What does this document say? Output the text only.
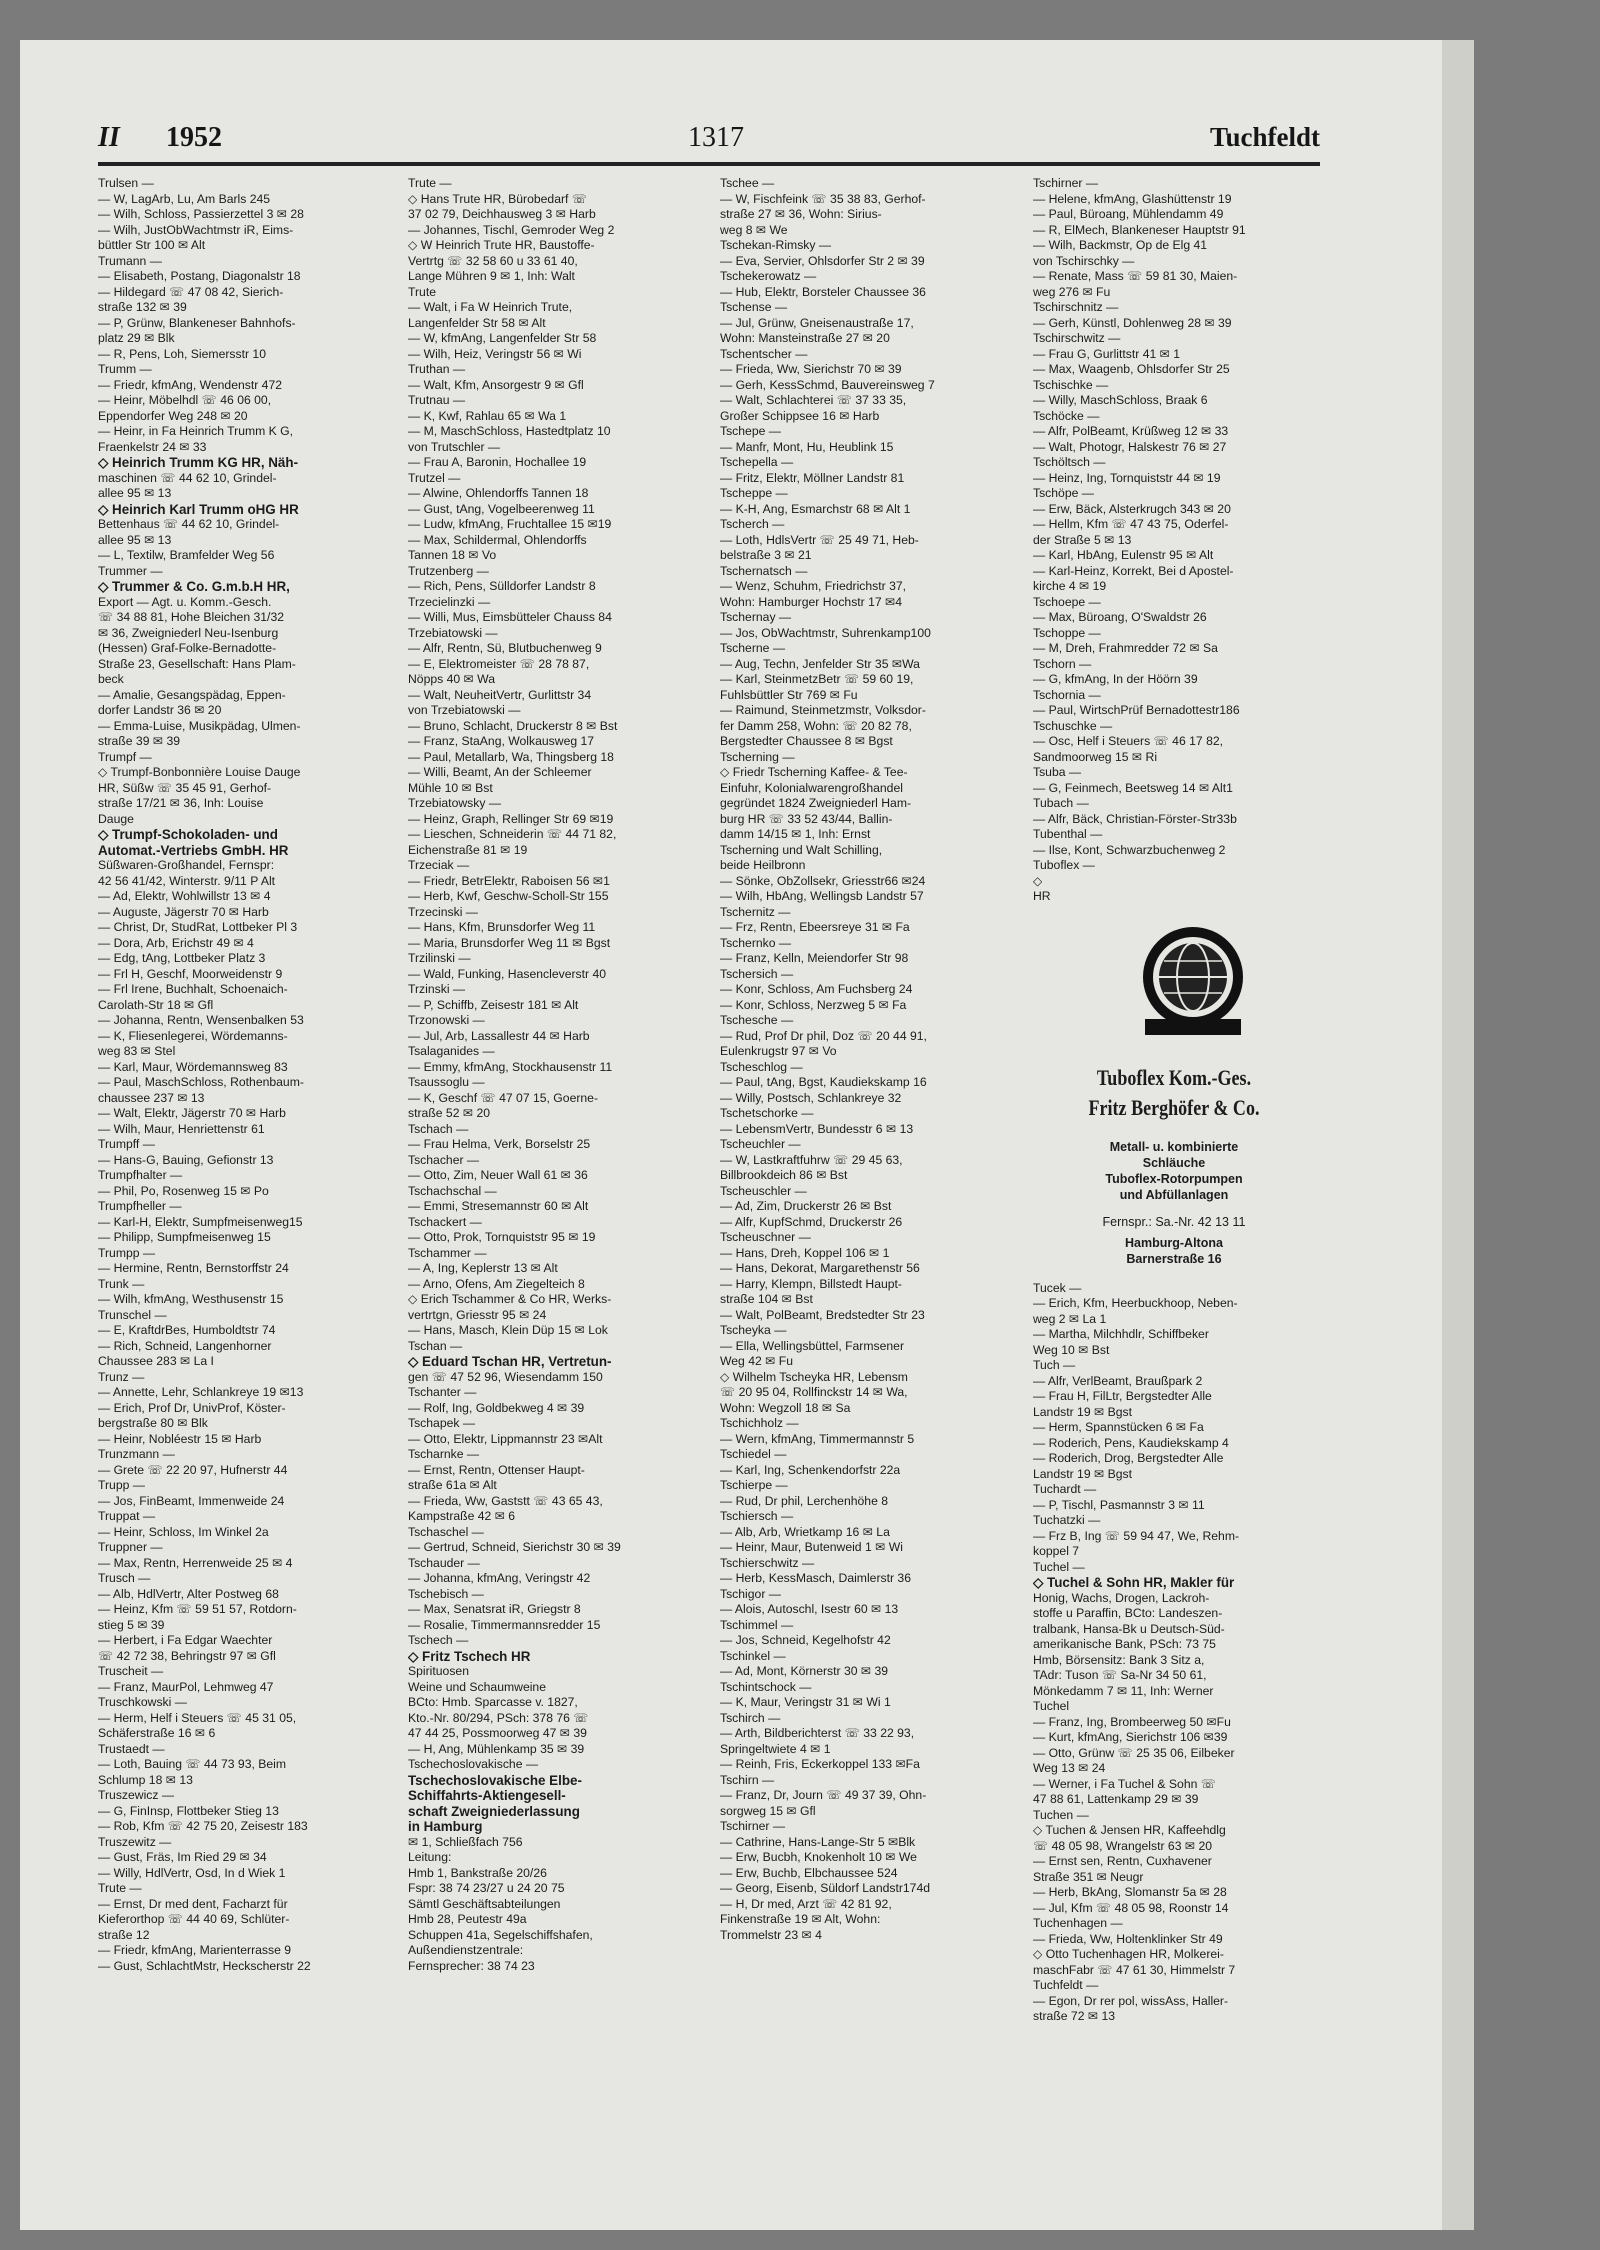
II 1952	1317	Tuchfeldt
Trulsen —
— W, LagArb, Lu, Am Barls 245
— Wilh, Schloss, Passierzettel 3 ✉ 28
— Wilh, JustObWachtmstr iR, Eims-
büttler Str 100 ✉ Alt
Trumann —
— Elisabeth, Postang, Diagonalstr 18
— Hildegard ☏ 47 08 42, Sierich-
straße 132 ✉ 39
— P, Grünw, Blankeneser Bahnhofs-
platz 29 ✉ Blk
— R, Pens, Loh, Siemersstr 10
Trumm —
— Friedr, kfmAng, Wendenstr 472
— Heinr, Möbelhdl ☏ 46 06 00,
Eppendorfer Weg 248 ✉ 20
— Heinr, in Fa Heinrich Trumm K G,
Fraenkelstr 24 ✉ 33
◇ Heinrich Trumm KG HR, Näh-
maschinen ☏ 44 62 10, Grindel-
allee 95 ✉ 13
◇ Heinrich Karl Trumm oHG HR
Bettenhaus ☏ 44 62 10, Grindel-
allee 95 ✉ 13
— L, Textilw, Bramfelder Weg 56
Trummer —
◇ Trummer & Co. G.m.b.H HR,
Export — Agt. u. Komm.-Gesch.
☏ 34 88 81, Hohe Bleichen 31/32
✉ 36, Zweigniederl Neu-Isenburg
(Hessen) Graf-Folke-Bernadotte-
Straße 23, Gesellschaft: Hans Plam-
beck
— Amalie, Gesangspädag, Eppen-
dorfer Landstr 36 ✉ 20
— Emma-Luise, Musikpädag, Ulmen-
straße 39 ✉ 39
Trumpf —
◇ Trumpf-Bonbonnière Louise Dauge
HR, Süßw ☏ 35 45 91, Gerhof-
straße 17/21 ✉ 36, Inh: Louise
Dauge
◇ Trumpf-Schokoladen- und
Automat.-Vertriebs GmbH. HR
Süßwaren-Großhandel, Fernspr:
42 56 41/42, Winterstr. 9/11 P Alt
— Ad, Elektr, Wohlwillstr 13 ✉ 4
— Auguste, Jägerstr 70 ✉ Harb
— Christ, Dr, StudRat, Lottbeker Pl 3
— Dora, Arb, Erichstr 49 ✉ 4
— Edg, tAng, Lottbeker Platz 3
— Frl H, Geschf, Moorweidenstr 9
— Frl Irene, Buchhalt, Schoenaich-
Carolath-Str 18 ✉ Gfl
— Johanna, Rentn, Wensenbalken 53
— K, Fliesenlegerei, Wördemanns-
weg 83 ✉ Stel
— Karl, Maur, Wördemannsweg 83
— Paul, MaschSchloss, Rothenbaum-
chaussee 237 ✉ 13
— Walt, Elektr, Jägerstr 70 ✉ Harb
— Wilh, Maur, Henriettenstr 61
Trumpff —
— Hans-G, Bauing, Gefionstr 13
Trumpfhalter —
— Phil, Po, Rosenweg 15 ✉ Po
Trumpfheller —
— Karl-H, Elektr, Sumpfmeisenweg15
— Philipp, Sumpfmeisenweg 15
Trumpp —
— Hermine, Rentn, Bernstorffstr 24
Trunk —
— Wilh, kfmAng, Westhusenstr 15
Trunschel —
— E, KraftdrBes, Humboldtstr 74
— Rich, Schneid, Langenhorner
Chaussee 283 ✉ La I
Trunz —
— Annette, Lehr, Schlankreye 19 ✉13
— Erich, Prof Dr, UnivProf, Köster-
bergstraße 80 ✉ Blk
— Heinr, Nobléestr 15 ✉ Harb
Trunzmann —
— Grete ☏ 22 20 97, Hufnerstr 44
Trupp —
— Jos, FinBeamt, Immenweide 24
Truppat —
— Heinr, Schloss, Im Winkel 2a
Truppner —
— Max, Rentn, Herrenweide 25 ✉ 4
Trusch —
— Alb, HdlVertr, Alter Postweg 68
— Heinz, Kfm ☏ 59 51 57, Rotdorn-
stieg 5 ✉ 39
— Herbert, i Fa Edgar Waechter
☏ 42 72 38, Behringstr 97 ✉ Gfl
Truscheit —
— Franz, MaurPol, Lehmweg 47
Truschkowski —
— Herm, Helf i Steuers ☏ 45 31 05,
Schäferstraße 16 ✉ 6
Trustaedt —
— Loth, Bauing ☏ 44 73 93, Beim
Schlump 18 ✉ 13
Truszewicz —
— G, FinInsp, Flottbeker Stieg 13
— Rob, Kfm ☏ 42 75 20, Zeisestr 183
Truszewitz —
— Gust, Fräs, Im Ried 29 ✉ 34
— Willy, HdlVertr, Osd, In d Wiek 1
Trute —
— Ernst, Dr med dent, Facharzt für
Kieferorthop ☏ 44 40 69, Schlüter-
straße 12
— Friedr, kfmAng, Marienterrasse 9
— Gust, SchlachtMstr, Heckscherstr 22
Trute —
◇ Hans Trute HR, Bürobedarf ☏
37 02 79, Deichhausweg 3 ✉ Harb
— Johannes, Tischl, Gemroder Weg 2
◇ W Heinrich Trute HR, Baustoffe-
Vertrtg ☏ 32 58 60 u 33 61 40,
Lange Mühren 9 ✉ 1, Inh: Walt
Trute
— Walt, i Fa W Heinrich Trute,
Langenfelder Str 58 ✉ Alt
— W, kfmAng, Langenfelder Str 58
— Wilh, Heiz, Veringstr 56 ✉ Wi
Truthan —
— Walt, Kfm, Ansorgestr 9 ✉ Gfl
Trutnau —
— K, Kwf, Rahlau 65 ✉ Wa 1
— M, MaschSchloss, Hastedtplatz 10
von Trutschler —
— Frau A, Baronin, Hochallee 19
Trutzel —
— Alwine, Ohlendorffs Tannen 18
— Gust, tAng, Vogelbeerenweg 11
— Ludw, kfmAng, Fruchtallee 15 ✉19
— Max, Schildermal, Ohlendorffs
Tannen 18 ✉ Vo
Trutzenberg —
— Rich, Pens, Sülldorfer Landstr 8
Trzecielinzki —
— Willi, Mus, Eimsbütteler Chauss 84
Trzebiatowski —
— Alfr, Rentn, Sü, Blutbuchenweg 9
— E, Elektromeister ☏ 28 78 87,
Nöpps 40 ✉ Wa
— Walt, NeuheitVertr, Gurlittstr 34
von Trzebiatowski —
— Bruno, Schlacht, Druckerstr 8 ✉ Bst
— Franz, StaAng, Wolkausweg 17
— Paul, Metallarb, Wa, Thingsberg 18
— Willi, Beamt, An der Schleemer
Mühle 10 ✉ Bst
Trzebiatowsky —
— Heinz, Graph, Rellinger Str 69 ✉19
— Lieschen, Schneiderin ☏ 44 71 82,
Eichenstraße 81 ✉ 19
Trzeciak —
— Friedr, BetrElektr, Raboisen 56 ✉1
— Herb, Kwf, Geschw-Scholl-Str 155
Trzecinski —
— Hans, Kfm, Brunsdorfer Weg 11
— Maria, Brunsdorfer Weg 11 ✉ Bgst
Trzilinski —
— Wald, Funking, Hasencleverstr 40
Trzinski —
— P, Schiffb, Zeisestr 181 ✉ Alt
Trzonowski —
— Jul, Arb, Lassallestr 44 ✉ Harb
Tsalaganides —
— Emmy, kfmAng, Stockhausenstr 11
Tsaussoglu —
— K, Geschf ☏ 47 07 15, Goerne-
straße 52 ✉ 20
Tschach —
— Frau Helma, Verk, Borselstr 25
Tschacher —
— Otto, Zim, Neuer Wall 61 ✉ 36
Tschachschal —
— Emmi, Stresemannstr 60 ✉ Alt
Tschackert —
— Otto, Prok, Tornquiststr 95 ✉ 19
Tschammer —
— A, Ing, Keplerstr 13 ✉ Alt
— Arno, Ofens, Am Ziegelteich 8
◇ Erich Tschammer & Co HR, Werks-
vertrtgn, Griesstr 95 ✉ 24
— Hans, Masch, Klein Düp 15 ✉ Lok
Tschan —
◇ Eduard Tschan HR, Vertretun-
gen ☏ 47 52 96, Wiesendamm 150
Tschanter —
— Rolf, Ing, Goldbekweg 4 ✉ 39
Tschapek —
— Otto, Elektr, Lippmannstr 23 ✉Alt
Tscharnke —
— Ernst, Rentn, Ottenser Haupt-
straße 61a ✉ Alt
— Frieda, Ww, Gaststt ☏ 43 65 43,
Kampstraße 42 ✉ 6
Tschaschel —
— Gertrud, Schneid, Sierichstr 30 ✉ 39
Tschauder —
— Johanna, kfmAng, Veringstr 42
Tschebisch —
— Max, Senatsrat iR, Griegstr 8
— Rosalie, Timmermannsredder 15
Tschech —
◇ Fritz Tschech HR
Spirituosen
Weine und Schaumweine
BCto: Hmb. Sparcasse v. 1827,
Kto.-Nr. 80/294, PSch: 378 76 ☏
47 44 25, Possmoorweg 47 ✉ 39
— H, Ang, Mühlenkamp 35 ✉ 39
Tschechoslovakische —
Tschechoslovakische Elbe-
Schiffahrts-Aktiengesell-
schaft Zweigniederlassung
in Hamburg
✉ 1, Schließfach 756
Leitung:
Hmb 1, Bankstraße 20/26
Fspr: 38 74 23/27 u 24 20 75
Sämtl Geschäftsabteilungen
Hmb 28, Peutestr 49a
Schuppen 41a, Segelschiffshafen,
Außendienstzentrale:
Fernsprecher: 38 74 23
Tschee —
— W, Fischfeink ☏ 35 38 83, Gerhof-
straße 27 ✉ 36, Wohn: Sirius-
weg 8 ✉ We
Tschekan-Rimsky —
— Eva, Servier, Ohlsdorfer Str 2 ✉ 39
Tschekerowatz —
— Hub, Elektr, Borsteler Chaussee 36
Tschense —
— Jul, Grünw, Gneisenaustraße 17,
Wohn: Mansteinstraße 27 ✉ 20
Tschentscher —
— Frieda, Ww, Sierichstr 70 ✉ 39
— Gerh, KessSchmd, Bauvereinsweg 7
— Walt, Schlachterei ☏ 37 33 35,
Großer Schippsee 16 ✉ Harb
Tschepe —
— Manfr, Mont, Hu, Heublink 15
Tschepella —
— Fritz, Elektr, Möllner Landstr 81
Tscheppe —
— K-H, Ang, Esmarchstr 68 ✉ Alt 1
Tscherch —
— Loth, HdlsVertr ☏ 25 49 71, Heb-
belstraße 3 ✉ 21
Tschernatsch —
— Wenz, Schuhm, Friedrichstr 37,
Wohn: Hamburger Hochstr 17 ✉4
Tschernay —
— Jos, ObWachtmstr, Suhrenkamp100
Tscherne —
— Aug, Techn, Jenfelder Str 35 ✉Wa
— Karl, SteinmetzBetr ☏ 59 60 19,
Fuhlsbüttler Str 769 ✉ Fu
— Raimund, Steinmetzmstr, Volksdor-
fer Damm 258, Wohn: ☏ 20 82 78,
Bergstedter Chaussee 8 ✉ Bgst
Tscherning —
◇ Friedr Tscherning Kaffee- & Tee-
Einfuhr, Kolonialwarengroßhandel
gegründet 1824 Zweigniederl Ham-
burg HR ☏ 33 52 43/44, Ballin-
damm 14/15 ✉ 1, Inh: Ernst
Tscherning und Walt Schilling,
beide Heilbronn
— Sönke, ObZollsekr, Griesstr66 ✉24
— Wilh, HbAng, Wellingsb Landstr 57
Tschernitz —
— Frz, Rentn, Ebeersreye 31 ✉ Fa
Tschernko —
— Franz, Kelln, Meiendorfer Str 98
Tschersich —
— Konr, Schloss, Am Fuchsberg 24
— Konr, Schloss, Nerzweg 5 ✉ Fa
Tschesche —
— Rud, Prof Dr phil, Doz ☏ 20 44 91,
Eulenkrugstr 97 ✉ Vo
Tscheschlog —
— Paul, tAng, Bgst, Kaudiekskamp 16
— Willy, Postsch, Schlankreye 32
Tschetschorke —
— LebensmVertr, Bundesstr 6 ✉ 13
Tscheuchler —
— W, Lastkraftfuhrw ☏ 29 45 63,
Billbrookdeich 86 ✉ Bst
Tscheuschler —
— Ad, Zim, Druckerstr 26 ✉ Bst
— Alfr, KupfSchmd, Druckerstr 26
Tscheuschner —
— Hans, Dreh, Koppel 106 ✉ 1
— Hans, Dekorat, Margarethenstr 56
— Harry, Klempn, Billstedt Haupt-
straße 104 ✉ Bst
— Walt, PolBeamt, Bredstedter Str 23
Tscheyka —
— Ella, Wellingsbüttel, Farmsener
Weg 42 ✉ Fu
◇ Wilhelm Tscheyka HR, Lebensm
☏ 20 95 04, Rollfinckstr 14 ✉ Wa,
Wohn: Wegzoll 18 ✉ Sa
Tschichholz —
— Wern, kfmAng, Timmermannstr 5
Tschiedel —
— Karl, Ing, Schenkendorfstr 22a
Tschierpe —
— Rud, Dr phil, Lerchenhöhe 8
Tschiersch —
— Alb, Arb, Wrietkamp 16 ✉ La
— Heinr, Maur, Butenweid 1 ✉ Wi
Tschierschwitz —
— Herb, KessMasch, Daimlerstr 36
Tschigor —
— Alois, Autoschl, Isestr 60 ✉ 13
Tschimmel —
— Jos, Schneid, Kegelhofstr 42
Tschinkel —
— Ad, Mont, Körnerstr 30 ✉ 39
Tschintschock —
— K, Maur, Veringstr 31 ✉ Wi 1
Tschirch —
— Arth, Bildberichterst ☏ 33 22 93,
Springeltwiete 4 ✉ 1
— Reinh, Fris, Eckerkoppel 133 ✉Fa
Tschirn —
— Franz, Dr, Journ ☏ 49 37 39, Ohn-
sorgweg 15 ✉ Gfl
Tschirner —
— Cathrine, Hans-Lange-Str 5 ✉Blk
— Erw, Bucbh, Knokenholt 10 ✉ We
— Erw, Buchb, Elbchaussee 524
— Georg, Eisenb, Süldorf Landstr174d
— H, Dr med, Arzt ☏ 42 81 92,
Finkenstraße 19 ✉ Alt, Wohn:
Trommelstr 23 ✉ 4
Tschirner —
— Helene, kfmAng, Glashüttenstr 19
— Paul, Büroang, Mühlendamm 49
— R, ElMech, Blankeneser Hauptstr 91
— Wilh, Backmstr, Op de Elg 41
von Tschirschky —
— Renate, Mass ☏ 59 81 30, Maien-
weg 276 ✉ Fu
Tschirschnitz —
— Gerh, Künstl, Dohlenweg 28 ✉ 39
Tschirschwitz —
— Frau G, Gurlittstr 41 ✉ 1
— Max, Waagenb, Ohlsdorfer Str 25
Tschischke —
— Willy, MaschSchloss, Braak 6
Tschöcke —
— Alfr, PolBeamt, Krüßweg 12 ✉ 33
— Walt, Photogr, Halskestr 76 ✉ 27
Tschöltsch —
— Heinz, Ing, Tornquiststr 44 ✉ 19
Tschöpe —
— Erw, Bäck, Alsterkrugch 343 ✉ 20
— Hellm, Kfm ☏ 47 43 75, Oderfel-
der Straße 5 ✉ 13
— Karl, HbAng, Eulenstr 95 ✉ Alt
— Karl-Heinz, Korrekt, Bei d Apostel-
kirche 4 ✉ 19
Tschoepe —
— Max, Büroang, O'Swaldstr 26
Tschoppe —
— M, Dreh, Frahmredder 72 ✉ Sa
Tschorn —
— G, kfmAng, In der Höörn 39
Tschornia —
— Paul, WirtschPrüf Bernadottestr186
Tschuschke —
— Osc, Helf i Steuers ☏ 46 17 82,
Sandmoorweg 15 ✉ Ri
Tsuba —
— G, Feinmech, Beetsweg 14 ✉ Alt1
Tubach —
— Alfr, Bäck, Christian-Förster-Str33b
Tubenthal —
— Ilse, Kont, Schwarzbuchenweg 2
Tuboflex —
◇
HR
Tuboflex Kom.-Ges.
Fritz Berghöfer & Co.
Metall- u. kombinierte
Schläuche
Tuboflex-Rotorpumpen
und Abfüllanlagen
Fernspr.: Sa.-Nr. 42 13 11
Hamburg-Altona
Barnerstraße 16
Tucek —
— Erich, Kfm, Heerbuckhoop, Neben-
weg 2 ✉ La 1
— Martha, Milchhdlr, Schiffbeker
Weg 10 ✉ Bst
Tuch —
— Alfr, VerlBeamt, Braußpark 2
— Frau H, FilLtr, Bergstedter Alle
Landstr 19 ✉ Bgst
— Herm, Spannstücken 6 ✉ Fa
— Roderich, Pens, Kaudiekskamp 4
— Roderich, Drog, Bergstedter Alle
Landstr 19 ✉ Bgst
Tuchardt —
— P, Tischl, Pasmannstr 3 ✉ 11
Tuchatzki —
— Frz B, Ing ☏ 59 94 47, We, Rehm-
koppel 7
Tuchel —
◇ Tuchel & Sohn HR, Makler für
Honig, Wachs, Drogen, Lackroh-
stoffe u Paraffin, BCto: Landeszen-
tralbank, Hansa-Bk u Deutsch-Süd-
amerikanische Bank, PSch: 73 75
Hmb, Börsensitz: Bank 3 Sitz a,
TAdr: Tuson ☏ Sa-Nr 34 50 61,
Mönkedamm 7 ✉ 11, Inh: Werner
Tuchel
— Franz, Ing, Brombeerweg 50 ✉Fu
— Kurt, kfmAng, Sierichstr 106 ✉39
— Otto, Grünw ☏ 25 35 06, Eilbeker
Weg 13 ✉ 24
— Werner, i Fa Tuchel & Sohn ☏
47 88 61, Lattenkamp 29 ✉ 39
Tuchen —
◇ Tuchen & Jensen HR, Kaffeehdlg
☏ 48 05 98, Wrangelstr 63 ✉ 20
— Ernst sen, Rentn, Cuxhavener
Straße 351 ✉ Neugr
— Herb, BkAng, Slomanstr 5a ✉ 28
— Jul, Kfm ☏ 48 05 98, Roonstr 14
Tuchenhagen —
— Frieda, Ww, Holtenklinker Str 49
◇ Otto Tuchenhagen HR, Molkerei-
maschFabr ☏ 47 61 30, Himmelstr 7
Tuchfeldt —
— Egon, Dr rer pol, wissAss, Haller-
straße 72 ✉ 13
